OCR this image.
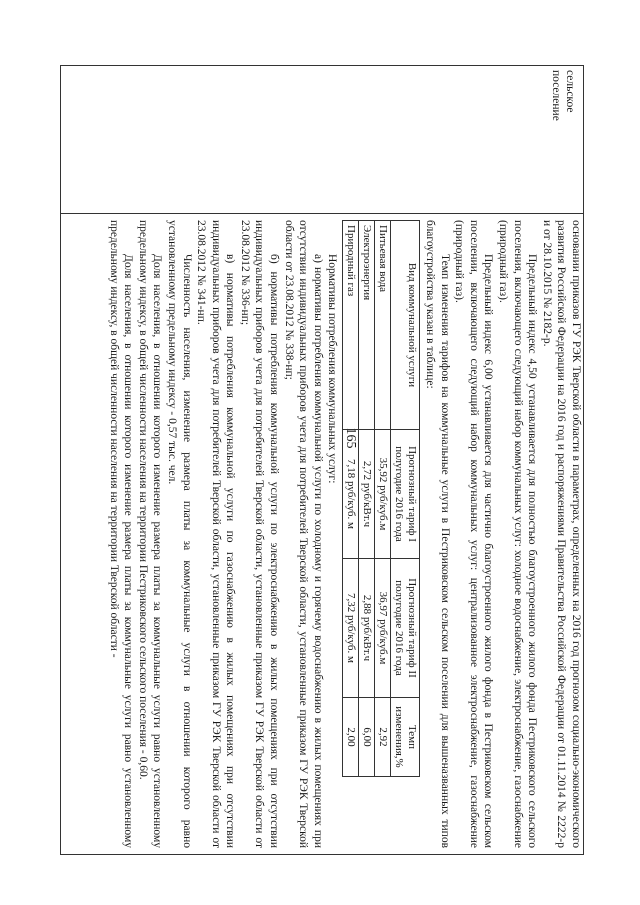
165
сельское
поселение

основании приказов ГУ РЭК Тверской области в параметрах, определенных на 2016 год прогнозом социально-экономического развития Российской Федерации на 2016 год и распоряжениями Правительства Российской Федерации от 01.11.2014 № 2222-р и от 28.10.2015 № 2182-р.

Предельный индекс 4,50 устанавливается для полностью благоустроенного жилого фонда Пестриковского сельского поселения, включающего следующий набор коммунальных услуг: холодное водоснабжение, электроснабжение, газоснабжение (природный газ).

Предельный индекс 6,00 устанавливается для частично благоустроенного жилого фонда в Пестриковском сельском поселении, включающего следующий набор коммунальных услуг: централизованное электроснабжение, газоснабжение (природный газ).

Темп изменения тарифов на коммунальные услуги в Пестриковском сельском поселении для вышеназванных типов благоустройства указан в таблице:

Вид коммунальной услуги	Прогнозный тариф I полугодие 2016 года	Прогнозный тариф II полугодие 2016 года	Темп изменения,%
Питьевая вода	35,92 руб/куб.м	36,97 руб/куб.м	2,92
Электроэнергия	2,72 руб/кВт.ч	2,88 руб/кВт.ч	6,00
Природный газ	7,18 руб/куб. м	7,32 руб/куб. м	2,00

Нормативы потребления коммунальных услуг:

а) нормативы потребления коммунальной услуги по холодному и горячему водоснабжению в жилых помещениях при отсутствии индивидуальных приборов учета для потребителей Тверской области, установленные приказом ГУ РЭК Тверской области от 23.08.2012 № 338-нп;

б) нормативы потребления коммунальной услуги по электроснабжению в жилых помещениях при отсутствии индивидуальных приборов учета для потребителей Тверской области, установленные приказом ГУ РЭК Тверской области от 23.08.2012 № 336-нп;

в) нормативы потребления коммунальной услуги по газоснабжению в жилых помещениях при отсутствии индивидуальных приборов учета для потребителей Тверской области, установленные приказом ГУ РЭК Тверской области от 23.08.2012 № 341-нп.

Численность населения, изменение размера платы за коммунальные услуги в отношении которого равно установленному предельному индексу - 0,57 тыс. чел.

Доля населения, в отношении которого изменение размера платы за коммунальные услуги равно установленному предельному индексу, в общей численности населения на территории Пестриковского сельского поселения - 0,60.

Доля населения, в отношении которого изменение размера платы за коммунальные услуги равно установленному предельному индексу, в общей численности населения на территории Тверской области -
